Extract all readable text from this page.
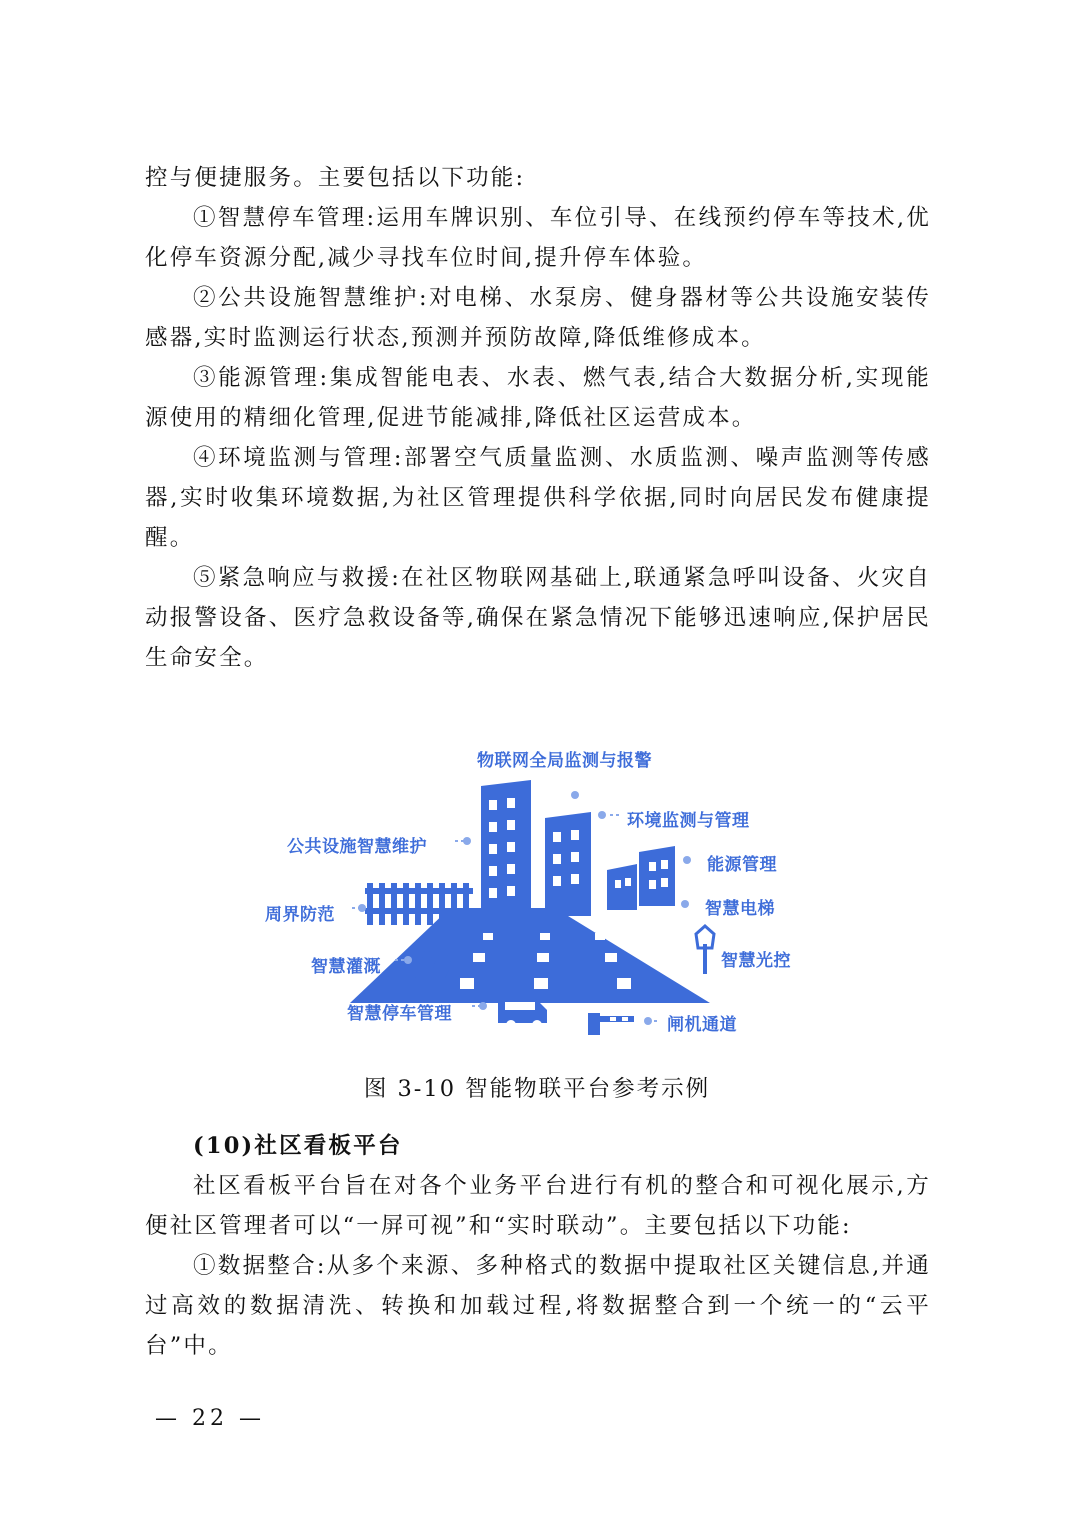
控与便捷服务。主要包括以下功能:

①智慧停车管理:运用车牌识别、车位引导、在线预约停车等技术,优化停车资源分配,减少寻找车位时间,提升停车体验。

②公共设施智慧维护:对电梯、水泵房、健身器材等公共设施安装传感器,实时监测运行状态,预测并预防故障,降低维修成本。

③能源管理:集成智能电表、水表、燃气表,结合大数据分析,实现能源使用的精细化管理,促进节能减排,降低社区运营成本。

④环境监测与管理:部署空气质量监测、水质监测、噪声监测等传感器,实时收集环境数据,为社区管理提供科学依据,同时向居民发布健康提醒。

⑤紧急响应与救援:在社区物联网基础上,联通紧急呼叫设备、火灾自动报警设备、医疗急救设备等,确保在紧急情况下能够迅速响应,保护居民生命安全。

物联网全局监测与报警
环境监测与管理
公共设施智慧维护
能源管理
周界防范	智慧电梯
智慧灌溉	智慧光控
智慧停车管理
闸机通道
图 3-10 智能物联平台参考示例

(10)社区看板平台

社区看板平台旨在对各个业务平台进行有机的整合和可视化展示,方便社区管理者可以“一屏可视”和“实时联动”。主要包括以下功能:

①数据整合:从多个来源、多种格式的数据中提取社区关键信息,并通过高效的数据清洗、转换和加载过程,将数据整合到一个统一的“云平台”中。

— 22 —
